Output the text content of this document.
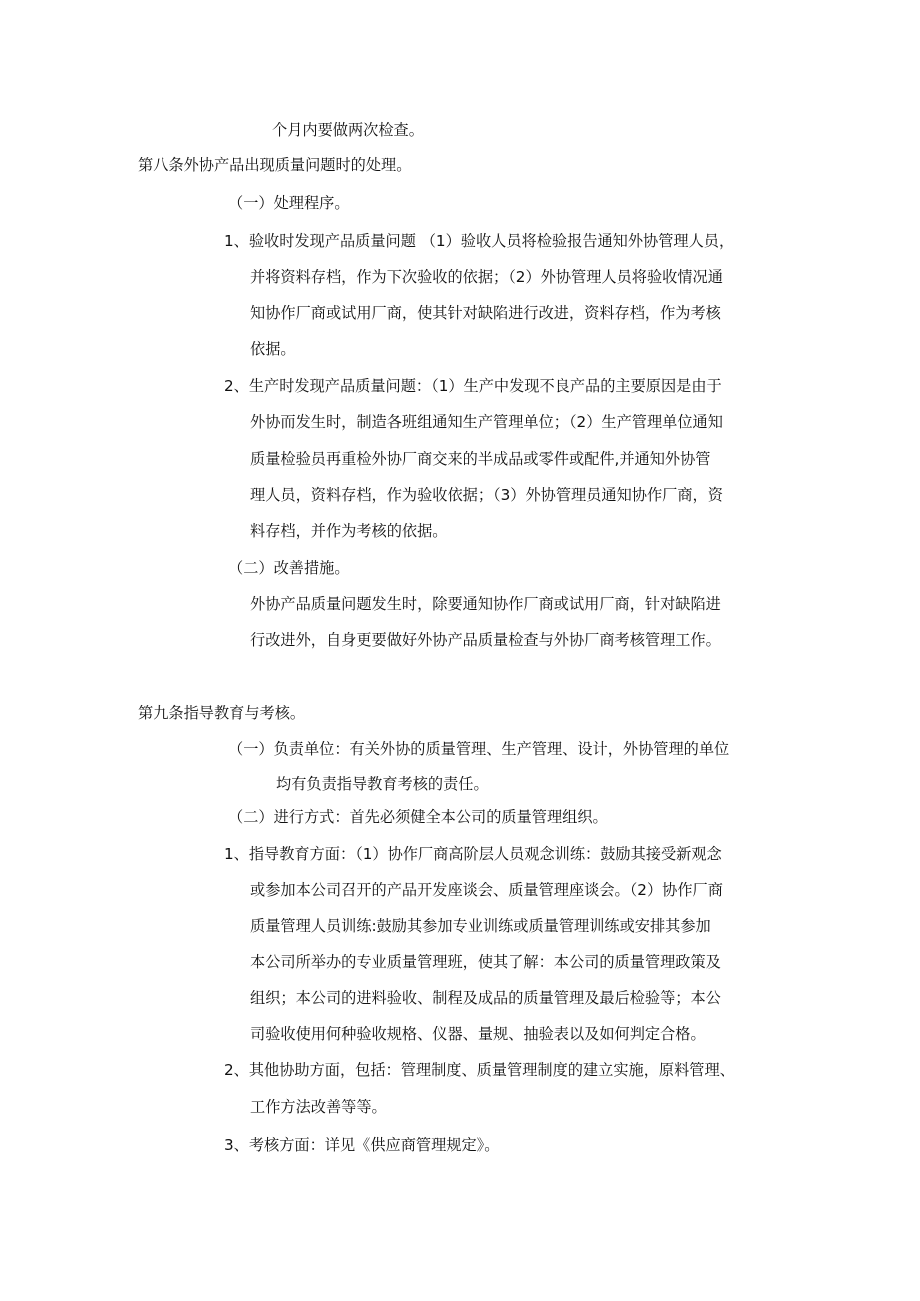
个月内要做两次检查。
第八条外协产品出现质量问题时的处理。
（一）处理程序。
1、验收时发现产品质量问题 （1）验收人员将检验报告通知外协管理人员，
并将资料存档，作为下次验收的依据；（2）外协管理人员将验收情况通
知协作厂商或试用厂商，使其针对缺陷进行改进，资料存档，作为考核
依据。
2、生产时发现产品质量问题：（1）生产中发现不良产品的主要原因是由于
外协而发生时，制造各班组通知生产管理单位；（2）生产管理单位通知
质量检验员再重检外协厂商交来的半成品或零件或配件,并通知外协管
理人员，资料存档，作为验收依据；（3）外协管理员通知协作厂商，资
料存档，并作为考核的依据。
（二）改善措施。
外协产品质量问题发生时，除要通知协作厂商或试用厂商，针对缺陷进
行改进外，自身更要做好外协产品质量检查与外协厂商考核管理工作。
第九条指导教育与考核。
（一）负责单位：有关外协的质量管理、生产管理、设计，外协管理的单位
均有负责指导教育考核的责任。
（二）进行方式：首先必须健全本公司的质量管理组织。
1、指导教育方面：（1）协作厂商高阶层人员观念训练：鼓励其接受新观念
或参加本公司召开的产品开发座谈会、质量管理座谈会。（2）协作厂商
质量管理人员训练:鼓励其参加专业训练或质量管理训练或安排其参加
本公司所举办的专业质量管理班，使其了解：本公司的质量管理政策及
组织；本公司的进料验收、制程及成品的质量管理及最后检验等；本公
司验收使用何种验收规格、仪器、量规、抽验表以及如何判定合格。
2、其他协助方面，包括：管理制度、质量管理制度的建立实施，原料管理、
工作方法改善等等。
3、考核方面：详见《供应商管理规定》。
